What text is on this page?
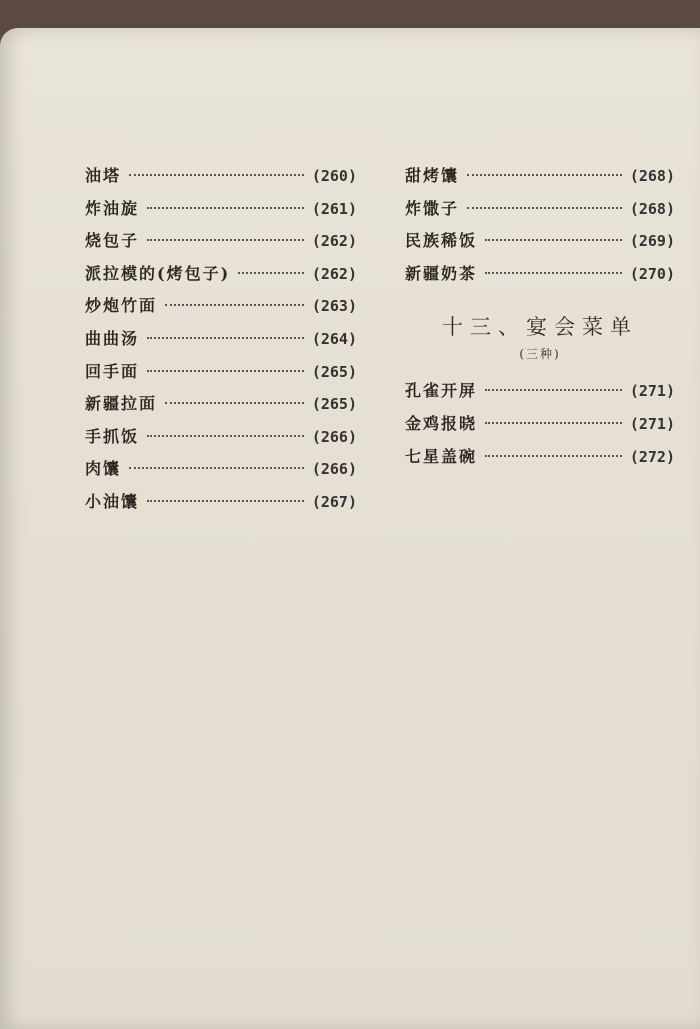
油塔	(260)
炸油旋	(261)
烧包子	(262)
派拉模的(烤包子)	(262)
炒炮竹面	(263)
曲曲汤	(264)
回手面	(265)
新疆拉面	(265)
手抓饭	(266)
肉馕	(266)
小油馕	(267)
甜烤馕	(268)
炸馓子	(268)
民族稀饭	(269)
新疆奶茶	(270)
十三、宴会菜单
(三种)
孔雀开屏	(271)
金鸡报晓	(271)
七星盖碗	(272)
